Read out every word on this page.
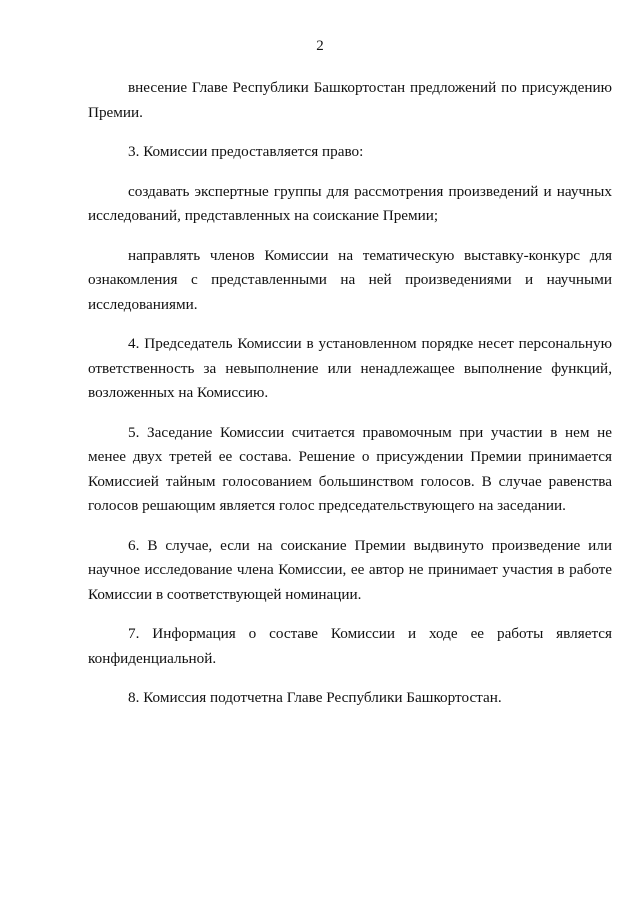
2

внесение Главе Республики Башкортостан предложений по присуждению Премии.

3. Комиссии предоставляется право:

создавать экспертные группы для рассмотрения произведений и научных исследований, представленных на соискание Премии;

направлять членов Комиссии на тематическую выставку-конкурс для ознакомления с представленными на ней произведениями и научными исследованиями.

4. Председатель Комиссии в установленном порядке несет персональную ответственность за невыполнение или ненадлежащее выполнение функций, возложенных на Комиссию.

5. Заседание Комиссии считается правомочным при участии в нем не менее двух третей ее состава. Решение о присуждении Премии принимается Комиссией тайным голосованием большинством голосов. В случае равенства голосов решающим является голос председательствующего на заседании.

6. В случае, если на соискание Премии выдвинуто произведение или научное исследование члена Комиссии, ее автор не принимает участия в работе Комиссии в соответствующей номинации.

7. Информация о составе Комиссии и ходе ее работы является конфиденциальной.

8. Комиссия подотчетна Главе Республики Башкортостан.
